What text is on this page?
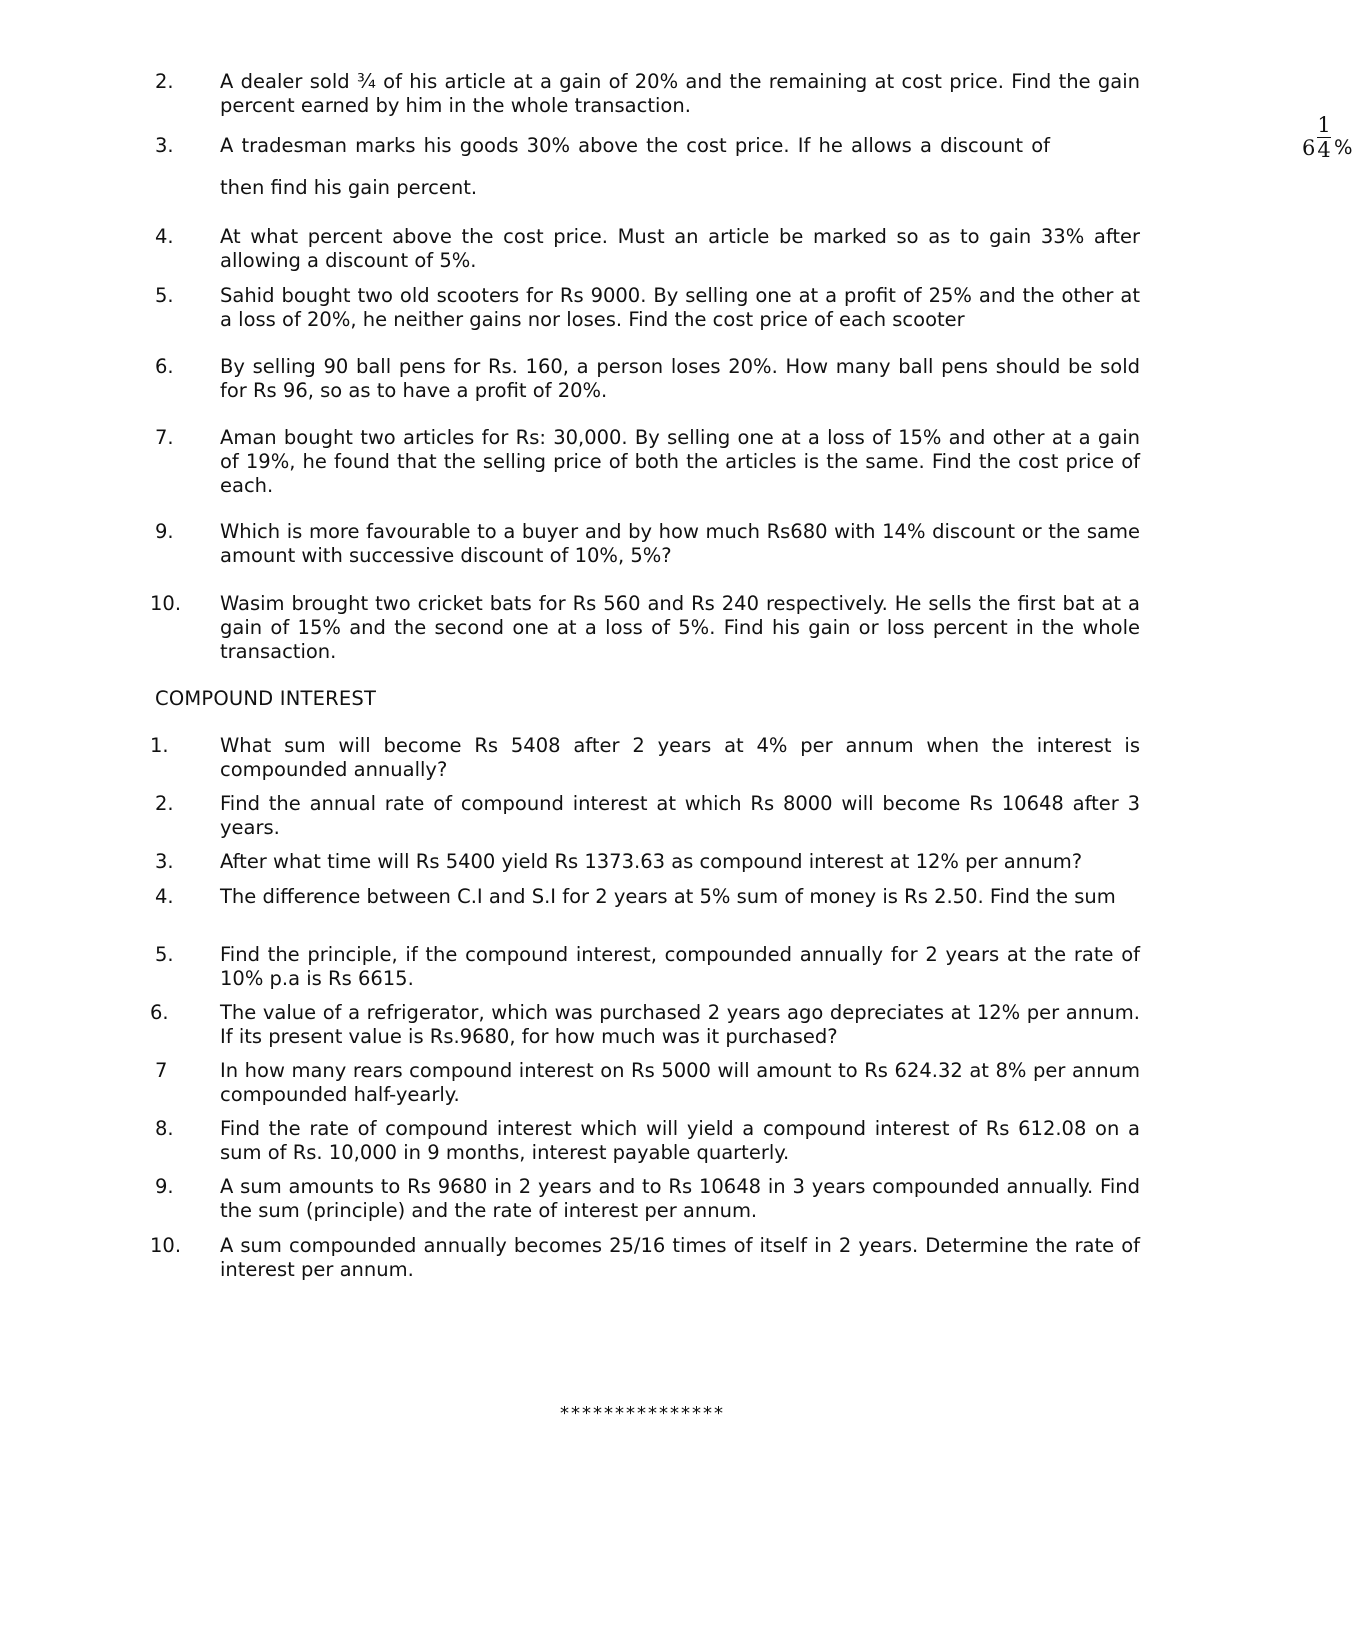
2. A dealer sold ¾ of his article at a gain of 20% and the remaining at cost price. Find the gain percent earned by him in the whole transaction.
3. A tradesman marks his goods 30% above the cost price. If he allows a discount of	6
1
4 %
then find his gain percent.
4. At what percent above the cost price. Must an article be marked so as to gain 33% after allowing a discount of 5%.
5. Sahid bought two old scooters for Rs 9000. By selling one at a profit of 25% and the other at a loss of 20%, he neither gains nor loses. Find the cost price of each scooter
6. By selling 90 ball pens for Rs. 160, a person loses 20%. How many ball pens should be sold for Rs 96, so as to have a profit of 20%.
7. Aman bought two articles for Rs: 30,000. By selling one at a loss of 15% and other at a gain of 19%, he found that the selling price of both the articles is the same. Find the cost price of each.
9. Which is more favourable to a buyer and by how much Rs680 with 14% discount or the same amount with successive discount of 10%, 5%?
10. Wasim brought two cricket bats for Rs 560 and Rs 240 respectively. He sells the first bat at a gain of 15% and the second one at a loss of 5%. Find his gain or loss percent in the whole transaction.
COMPOUND INTEREST
1.	What sum will become Rs 5408 after 2 years at 4% per annum when the interest is compounded annually?
2. Find the annual rate of compound interest at which Rs 8000 will become Rs 10648 after 3 years.
3. After what time will Rs 5400 yield Rs 1373.63 as compound interest at 12% per annum?
4. The difference between C.I and S.I for 2 years at 5% sum of money is Rs 2.50. Find the sum
5. Find the principle, if the compound interest, compounded annually for 2 years at the rate of 10% p.a is Rs 6615.
6.	The value of a refrigerator, which was purchased 2 years ago depreciates at 12% per annum. If its present value is Rs.9680, for how much was it purchased?
7	In how many rears compound interest on Rs 5000 will amount to Rs 624.32 at 8% per annum compounded half-yearly.
8. Find the rate of compound interest which will yield a compound interest of Rs 612.08 on a sum of Rs. 10,000 in 9 months, interest payable quarterly.
9. A sum amounts to Rs 9680 in 2 years and to Rs 10648 in 3 years compounded annually. Find the sum (principle) and the rate of interest per annum.
10. A sum compounded annually becomes 25/16 times of itself in 2 years. Determine the rate of interest per annum.
***************
